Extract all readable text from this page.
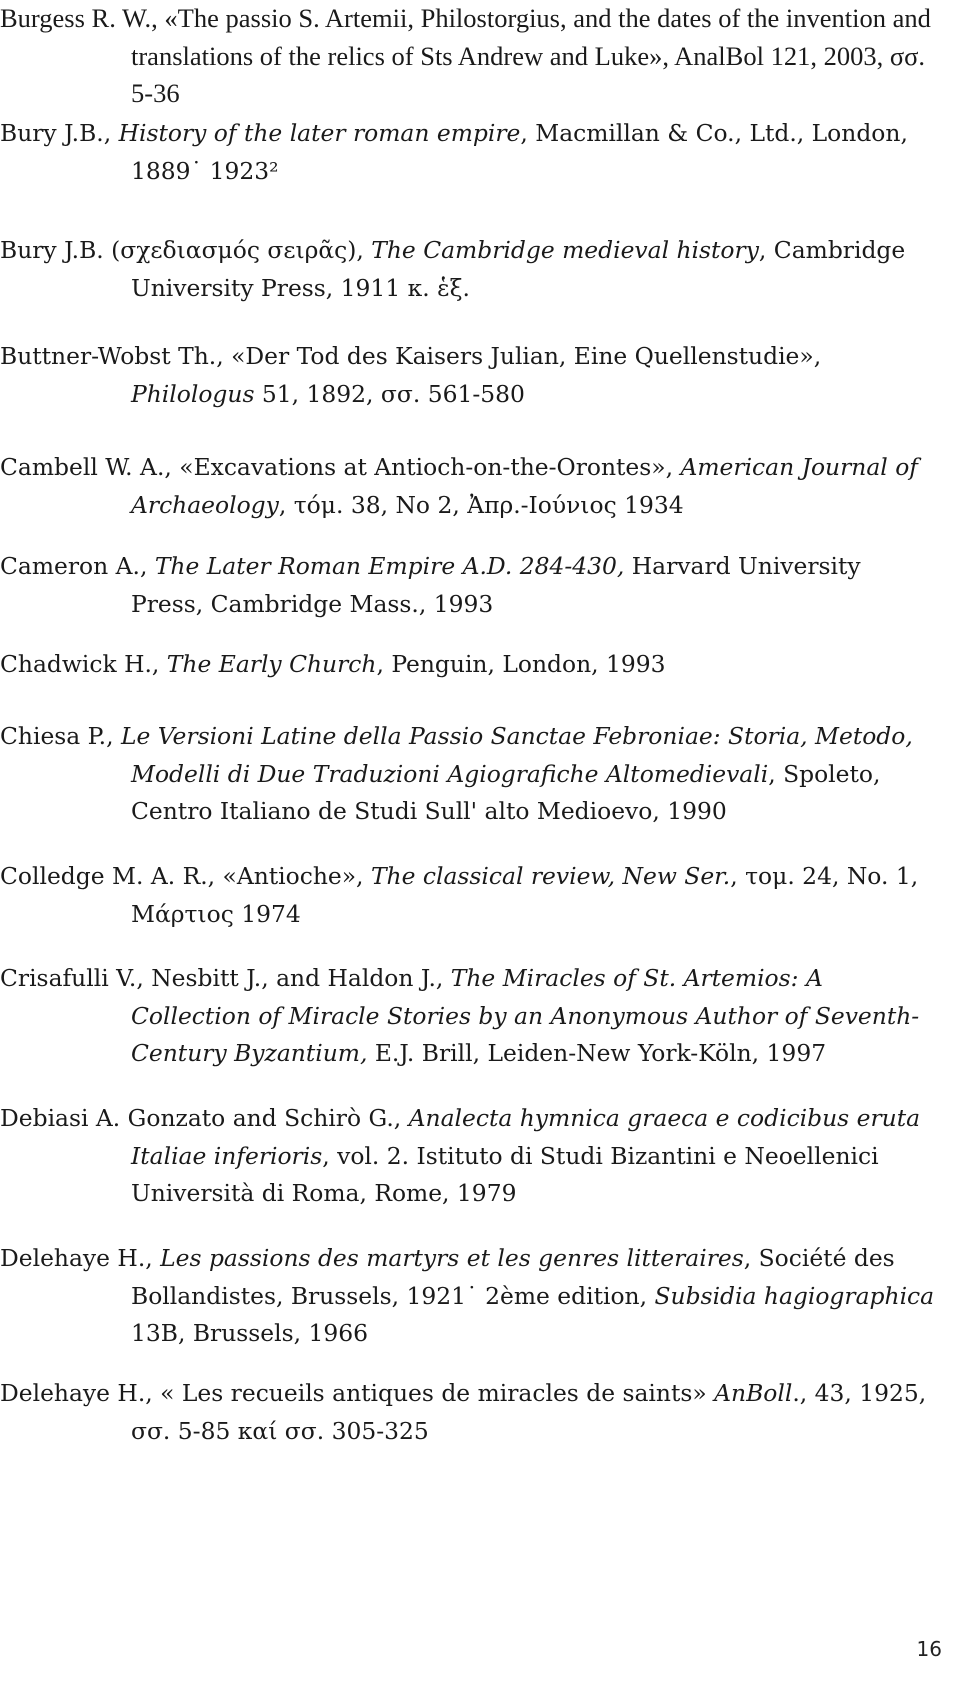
Burgess R. W., «The passio S. Artemii, Philostorgius, and the dates of the invention and translations of the relics of Sts Andrew and Luke», AnalBol 121, 2003, σσ. 5-36

Bury J.B., History of the later roman empire, Macmillan & Co., Ltd., London, 1889˙ 1923²

Bury J.B. (σχεδιασμός σειρᾶς), The Cambridge medieval history, Cambridge University Press, 1911 κ. ἑξ.

Buttner-Wobst Th., «Der Tod des Kaisers Julian, Eine Quellenstudie», Philologus 51, 1892, σσ. 561-580

Cambell W. A., «Excavations at Antioch-on-the-Orontes», American Journal of Archaeology, τόμ. 38, No 2, Ἀπρ.-Ιούνιος 1934

Cameron A., The Later Roman Empire A.D. 284-430, Harvard University Press, Cambridge Mass., 1993

Chadwick H., The Early Church, Penguin, London, 1993

Chiesa P., Le Versioni Latine della Passio Sanctae Febroniae: Storia, Metodo, Modelli di Due Traduzioni Agiografiche Altomedievali, Spoleto, Centro Italiano de Studi Sull' alto Medioevo, 1990

Colledge M. A. R., «Antioche», The classical review, New Ser., τομ. 24, No. 1, Μάρτιος 1974

Crisafulli V., Nesbitt J., and Haldon J., The Miracles of St. Artemios: A Collection of Miracle Stories by an Anonymous Author of Seventh-Century Byzantium, E.J. Brill, Leiden-New York-Köln, 1997

Debiasi A. Gonzato and Schirò G., Analecta hymnica graeca e codicibus eruta Italiae inferioris, vol. 2. Istituto di Studi Bizantini e Neoellenici Università di Roma, Rome, 1979

Delehaye H., Les passions des martyrs et les genres litteraires, Société des Bollandistes, Brussels, 1921˙ 2ème edition, Subsidia hagiographica 13B, Brussels, 1966

Delehaye H., « Les recueils antiques de miracles de saints» AnBoll., 43, 1925, σσ. 5-85 καί σσ. 305-325

16
